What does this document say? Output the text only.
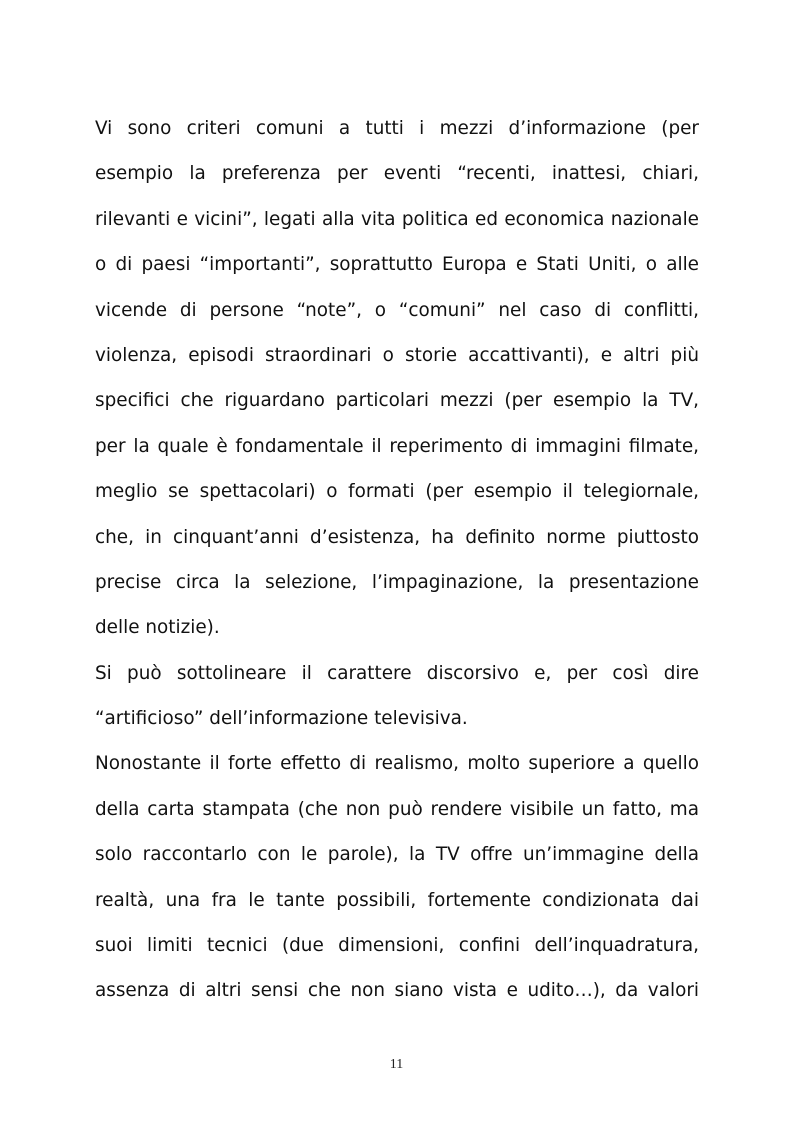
Vi sono criteri comuni a tutti i mezzi d’informazione (per
esempio la preferenza per eventi “recenti, inattesi, chiari,
rilevanti e vicini”, legati alla vita politica ed economica nazionale
o di paesi “importanti”, soprattutto Europa e Stati Uniti, o alle
vicende di persone “note”, o “comuni” nel caso di conflitti,
violenza, episodi straordinari o storie accattivanti), e altri più
specifici che riguardano particolari mezzi (per esempio la TV,
per la quale è fondamentale il reperimento di immagini filmate,
meglio se spettacolari) o formati (per esempio il telegiornale,
che, in cinquant’anni d’esistenza, ha definito norme piuttosto
precise circa la selezione, l’impaginazione, la presentazione
delle notizie).
Si può sottolineare il carattere discorsivo e, per così dire
“artificioso” dell’informazione televisiva.
Nonostante il forte effetto di realismo, molto superiore a quello
della carta stampata (che non può rendere visibile un fatto, ma
solo raccontarlo con le parole), la TV offre un’immagine della
realtà, una fra le tante possibili, fortemente condizionata dai
suoi limiti tecnici (due dimensioni, confini dell’inquadratura,
assenza di altri sensi che non siano vista e udito…), da valori
11
